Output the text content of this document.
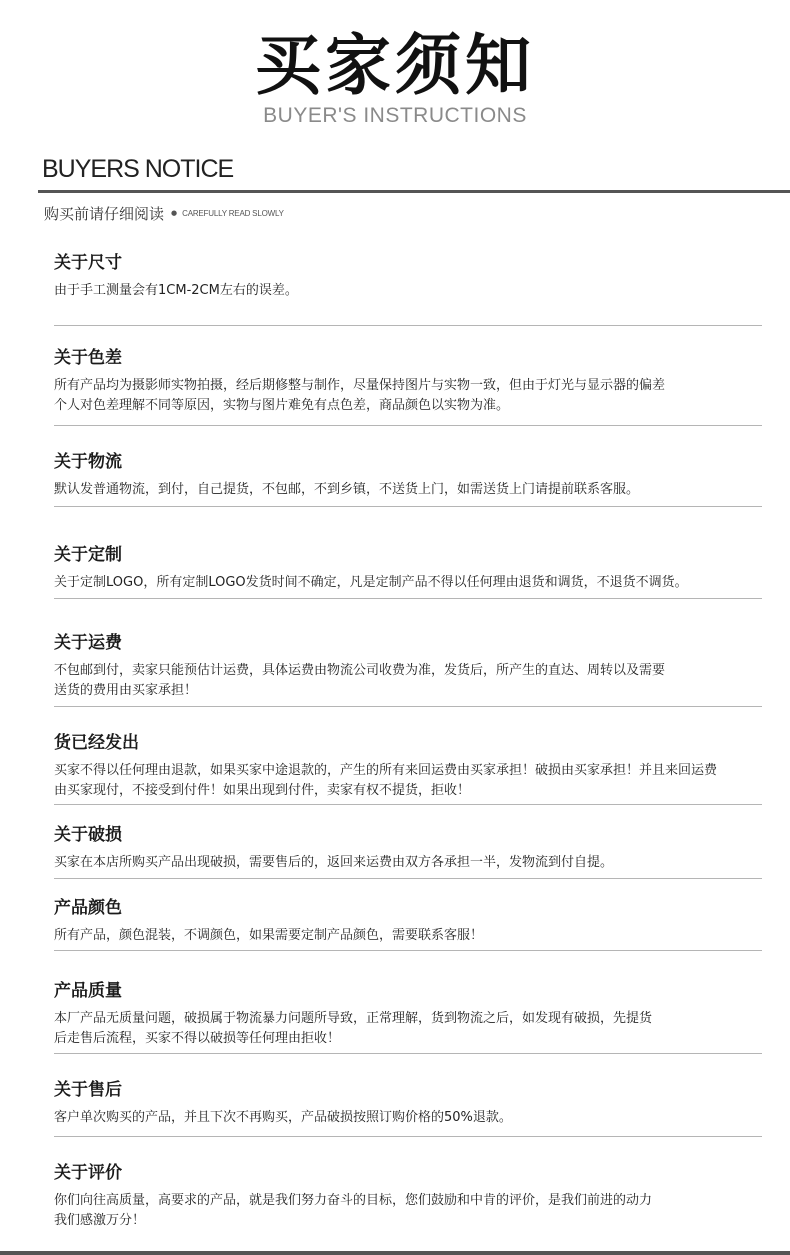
买家须知
BUYER'S INSTRUCTIONS
BUYERS NOTICE
购买前请仔细阅读 ● CAREFULLY READ SLOWLY
关于尺寸
由于手工测量会有1CM-2CM左右的误差。
关于色差
所有产品均为摄影师实物拍摄，经后期修整与制作，尽量保持图片与实物一致，但由于灯光与显示器的偏差
个人对色差理解不同等原因，实物与图片难免有点色差，商品颜色以实物为准。
关于物流
默认发普通物流，到付，自己提货，不包邮，不到乡镇，不送货上门，如需送货上门请提前联系客服。
关于定制
关于定制LOGO，所有定制LOGO发货时间不确定，凡是定制产品不得以任何理由退货和调货，不退货不调货。
关于运费
不包邮到付，卖家只能预估计运费，具体运费由物流公司收费为准，发货后，所产生的直达、周转以及需要
送货的费用由买家承担！
货已经发出
买家不得以任何理由退款，如果买家中途退款的，产生的所有来回运费由买家承担！破损由买家承担！并且来回运费
由买家现付，不接受到付件！如果出现到付件，卖家有权不提货，拒收！
关于破损
买家在本店所购买产品出现破损，需要售后的，返回来运费由双方各承担一半，发物流到付自提。
产品颜色
所有产品，颜色混装，不调颜色，如果需要定制产品颜色，需要联系客服！
产品质量
本厂产品无质量问题，破损属于物流暴力问题所导致，正常理解，货到物流之后，如发现有破损，先提货
后走售后流程，买家不得以破损等任何理由拒收！
关于售后
客户单次购买的产品，并且下次不再购买，产品破损按照订购价格的50%退款。
关于评价
你们向往高质量，高要求的产品，就是我们努力奋斗的目标，您们鼓励和中肯的评价，是我们前进的动力
我们感激万分！
